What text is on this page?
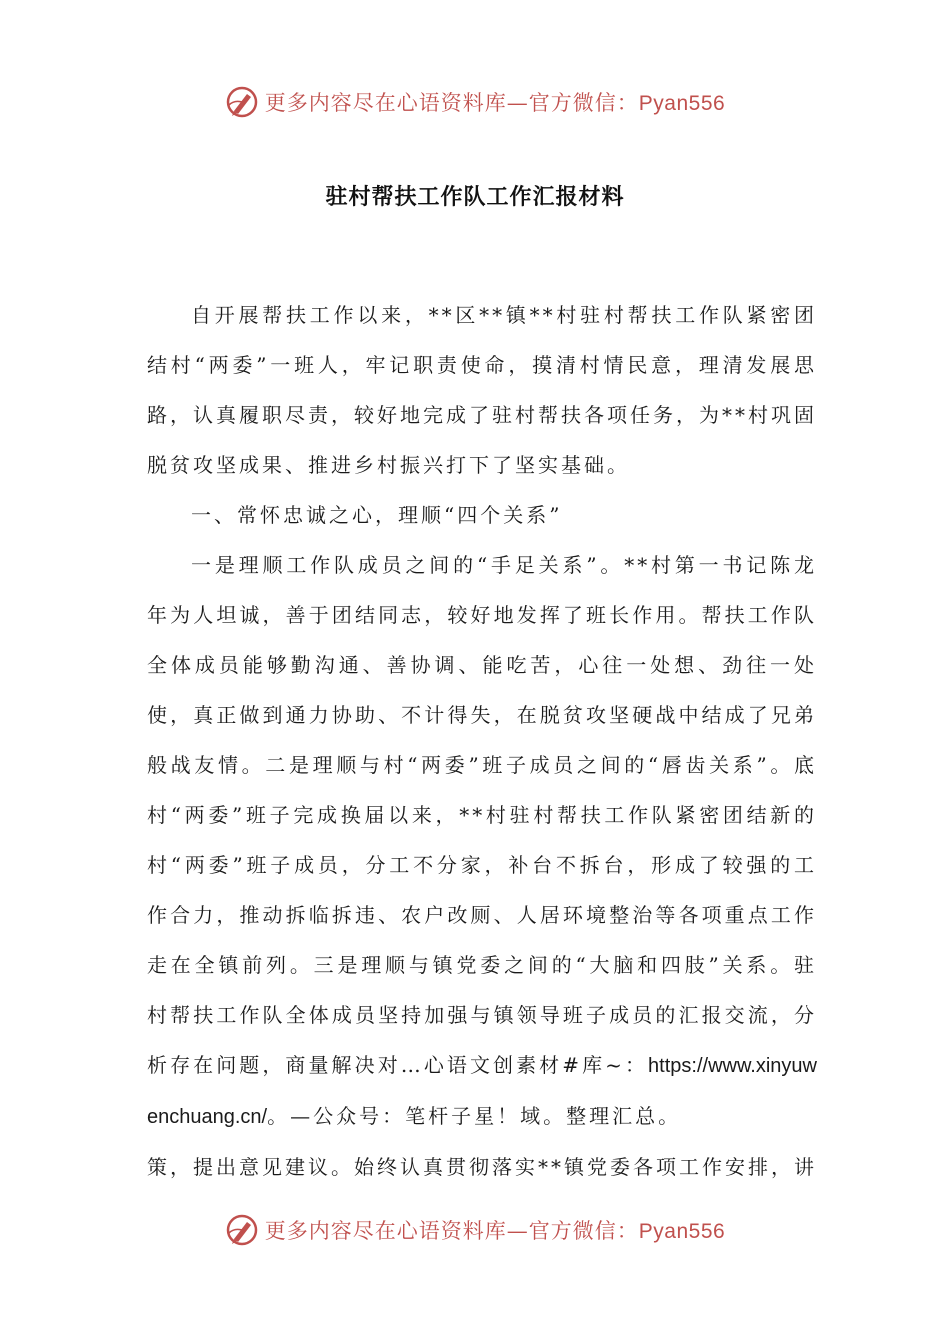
更多内容尽在心语资料库—官方微信：Pyan556
驻村帮扶工作队工作汇报材料

自开展帮扶工作以来，**区**镇**村驻村帮扶工作队紧密团结村“两委”一班人，牢记职责使命，摸清村情民意，理清发展思路，认真履职尽责，较好地完成了驻村帮扶各项任务，为**村巩固脱贫攻坚成果、推进乡村振兴打下了坚实基础。

一、常怀忠诚之心，理顺“四个关系”

一是理顺工作队成员之间的“手足关系”。**村第一书记陈龙年为人坦诚，善于团结同志，较好地发挥了班长作用。帮扶工作队全体成员能够勤沟通、善协调、能吃苦，心往一处想、劲往一处使，真正做到通力协助、不计得失，在脱贫攻坚硬战中结成了兄弟般战友情。二是理顺与村“两委”班子成员之间的“唇齿关系”。底村“两委”班子完成换届以来，**村驻村帮扶工作队紧密团结新的村“两委”班子成员，分工不分家，补台不拆台，形成了较强的工作合力，推动拆临拆违、农户改厕、人居环境整治等各项重点工作走在全镇前列。三是理顺与镇党委之间的“大脑和四肢”关系。驻村帮扶工作队全体成员坚持加强与镇领导班子成员的汇报交流，分析存在问题，商量解决对…心语文创素材#库~：https://www.xinyuwenchuang.cn/。—公众号：笔杆子星！域。整理汇总。

策，提出意见建议。始终认真贯彻落实**镇党委各项工作安排，讲

更多内容尽在心语资料库—官方微信：Pyan556
